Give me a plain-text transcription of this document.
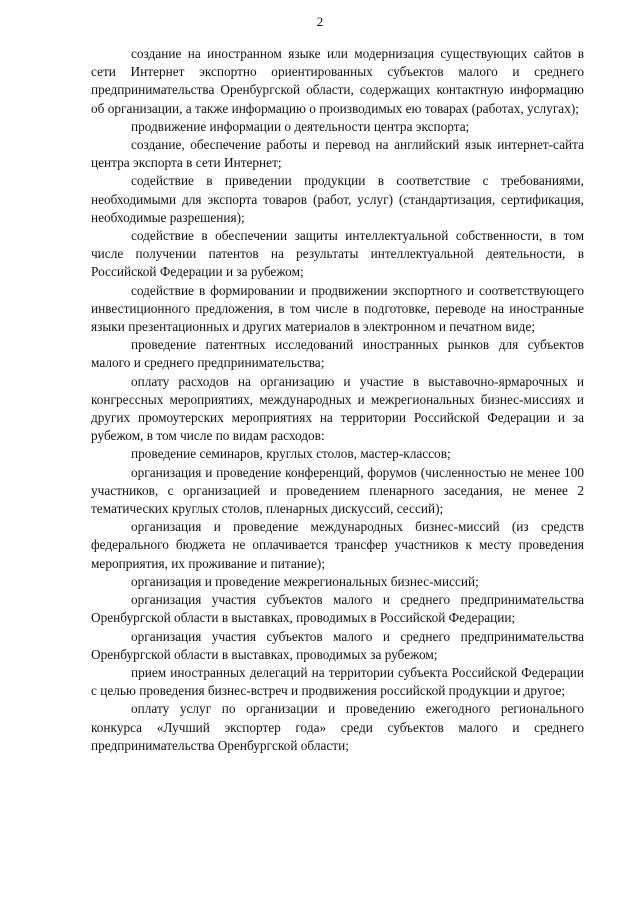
2

создание на иностранном языке или модернизация существующих сайтов в сети Интернет экспортно ориентированных субъектов малого и среднего предпринимательства Оренбургской области, содержащих контактную информацию об организации, а также информацию о производимых ею товарах (работах, услугах);

продвижение информации о деятельности центра экспорта;

создание, обеспечение работы и перевод на английский язык интернет-сайта центра экспорта в сети Интернет;

содействие в приведении продукции в соответствие с требованиями, необходимыми для экспорта товаров (работ, услуг) (стандартизация, сертификация, необходимые разрешения);

содействие в обеспечении защиты интеллектуальной собственности, в том числе получении патентов на результаты интеллектуальной деятельности, в Российской Федерации и за рубежом;

содействие в формировании и продвижении экспортного и соответствующего инвестиционного предложения, в том числе в подготовке, переводе на иностранные языки презентационных и других материалов в электронном и печатном виде;

проведение патентных исследований иностранных рынков для субъектов малого и среднего предпринимательства;

оплату расходов на организацию и участие в выставочно-ярмарочных и конгрессных мероприятиях, международных и межрегиональных бизнес-миссиях и других промоутерских мероприятиях на территории Российской Федерации и за рубежом, в том числе по видам расходов:

проведение семинаров, круглых столов, мастер-классов;

организация и проведение конференций, форумов (численностью не менее 100 участников, с организацией и проведением пленарного заседания, не менее 2 тематических круглых столов, пленарных дискуссий, сессий);

организация и проведение международных бизнес-миссий (из средств федерального бюджета не оплачивается трансфер участников к месту проведения мероприятия, их проживание и питание);

организация и проведение межрегиональных бизнес-миссий;

организация участия субъектов малого и среднего предпринимательства Оренбургской области в выставках, проводимых в Российской Федерации;

организация участия субъектов малого и среднего предпринимательства Оренбургской области в выставках, проводимых за рубежом;

прием иностранных делегаций на территории субъекта Российской Федерации с целью проведения бизнес-встреч и продвижения российской продукции и другое;

оплату услуг по организации и проведению ежегодного регионального конкурса «Лучший экспортер года» среди субъектов малого и среднего предпринимательства Оренбургской области;
